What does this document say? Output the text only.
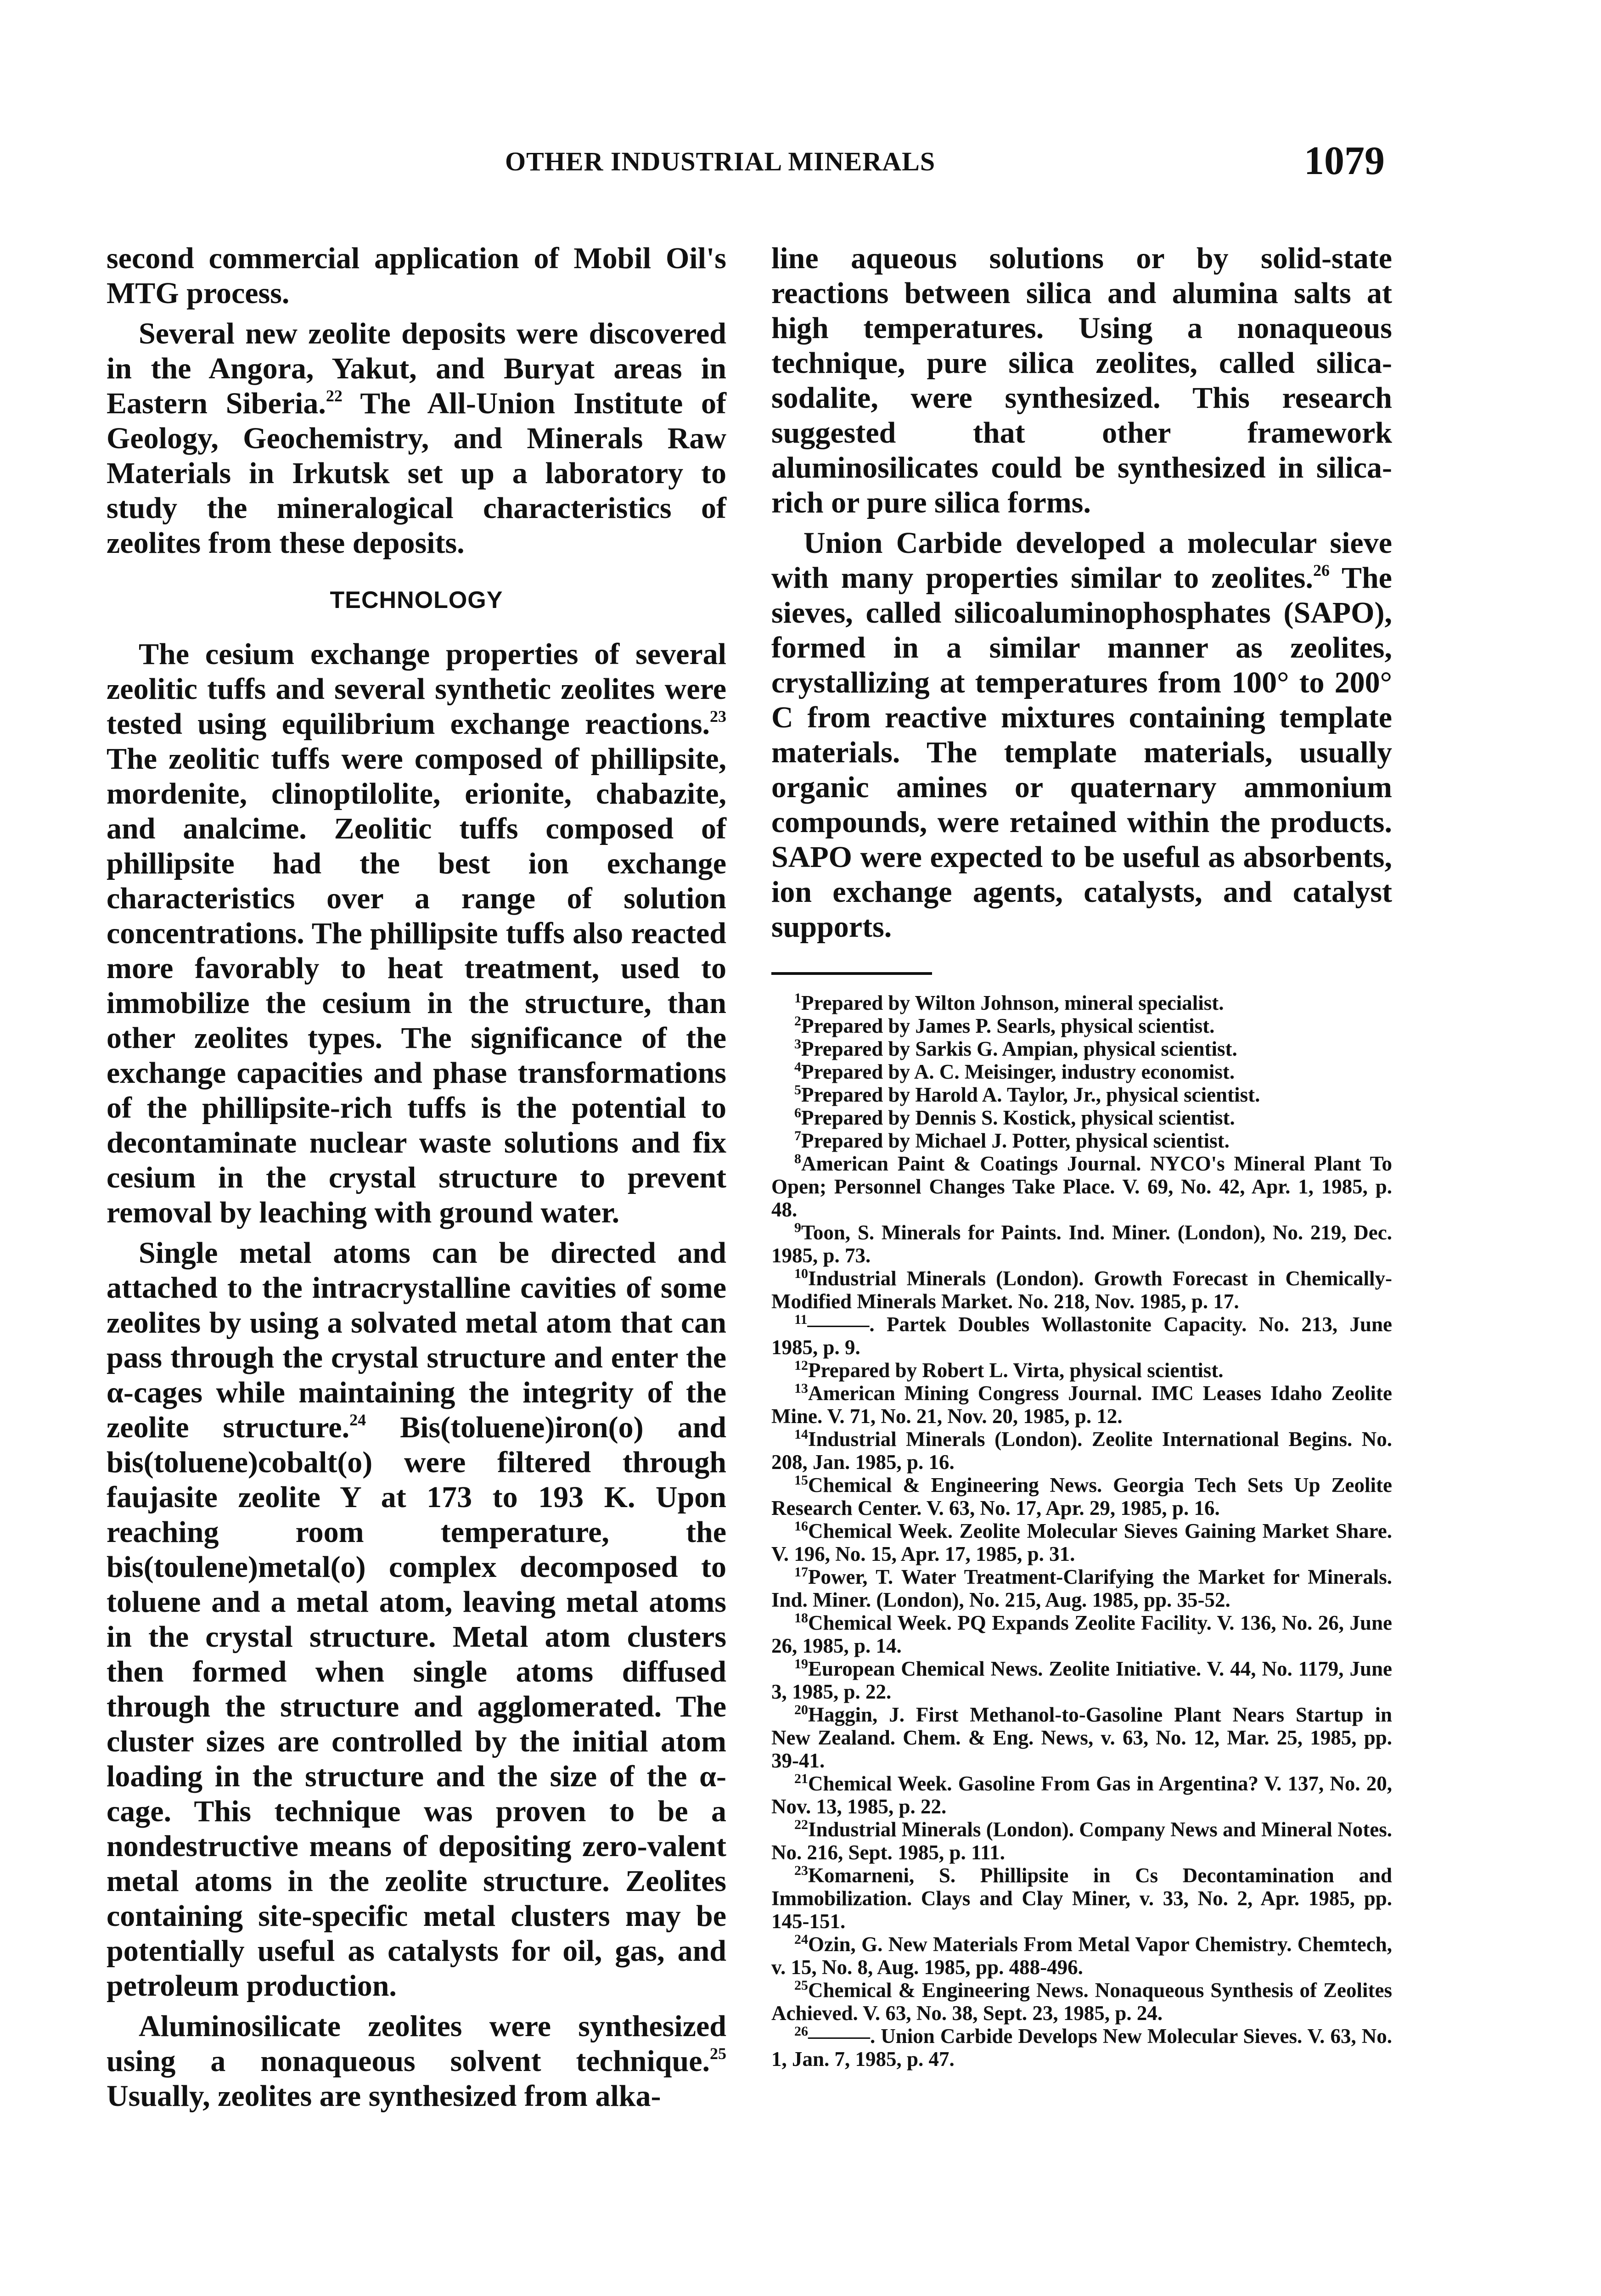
OTHER INDUSTRIAL MINERALS	1079

second commercial application of Mobil Oil's MTG process.

Several new zeolite deposits were discovered in the Angora, Yakut, and Buryat areas in Eastern Siberia.$^{22}$ The All-Union Institute of Geology, Geochemistry, and Minerals Raw Materials in Irkutsk set up a laboratory to study the mineralogical characteristics of zeolites from these deposits.

TECHNOLOGY

The cesium exchange properties of several zeolitic tuffs and several synthetic zeolites were tested using equilibrium exchange reactions.$^{23}$ The zeolitic tuffs were composed of phillipsite, mordenite, clinoptilolite, erionite, chabazite, and analcime. Zeolitic tuffs composed of phillipsite had the best ion exchange characteristics over a range of solution concentrations. The phillipsite tuffs also reacted more favorably to heat treatment, used to immobilize the cesium in the structure, than other zeolites types. The significance of the exchange capacities and phase transformations of the phillipsite-rich tuffs is the potential to decontaminate nuclear waste solutions and fix cesium in the crystal structure to prevent removal by leaching with ground water.

Single metal atoms can be directed and attached to the intracrystalline cavities of some zeolites by using a solvated metal atom that can pass through the crystal structure and enter the α-cages while maintaining the integrity of the zeolite structure.$^{24}$ Bis(toluene)iron(o) and bis(toluene)cobalt(o) were filtered through faujasite zeolite Y at 173 to 193 K. Upon reaching room temperature, the bis(toulene)metal(o) complex decomposed to toluene and a metal atom, leaving metal atoms in the crystal structure. Metal atom clusters then formed when single atoms diffused through the structure and agglomerated. The cluster sizes are controlled by the initial atom loading in the structure and the size of the α-cage. This technique was proven to be a nondestructive means of depositing zero-valent metal atoms in the zeolite structure. Zeolites containing site-specific metal clusters may be potentially useful as catalysts for oil, gas, and petroleum production.

Aluminosilicate zeolites were synthesized using a nonaqueous solvent technique.$^{25}$ Usually, zeolites are synthesized from alka-

line aqueous solutions or by solid-state reactions between silica and alumina salts at high temperatures. Using a nonaqueous technique, pure silica zeolites, called silica-sodalite, were synthesized. This research suggested that other framework aluminosilicates could be synthesized in silica-rich or pure silica forms.

Union Carbide developed a molecular sieve with many properties similar to zeolites.$^{26}$ The sieves, called silicoaluminophosphates (SAPO), formed in a similar manner as zeolites, crystallizing at temperatures from 100° to 200° C from reactive mixtures containing template materials. The template materials, usually organic amines or quaternary ammonium compounds, were retained within the products. SAPO were expected to be useful as absorbents, ion exchange agents, catalysts, and catalyst supports.

$^1$Prepared by Wilton Johnson, mineral specialist.

$^2$Prepared by James P. Searls, physical scientist.

$^3$Prepared by Sarkis G. Ampian, physical scientist.

$^4$Prepared by A. C. Meisinger, industry economist.

$^5$Prepared by Harold A. Taylor, Jr., physical scientist.

$^6$Prepared by Dennis S. Kostick, physical scientist.

$^7$Prepared by Michael J. Potter, physical scientist.

$^8$American Paint & Coatings Journal. NYCO's Mineral Plant To Open; Personnel Changes Take Place. V. 69, No. 42, Apr. 1, 1985, p. 48.

$^9$Toon, S. Minerals for Paints. Ind. Miner. (London), No. 219, Dec. 1985, p. 73.

$^{10}$Industrial Minerals (London). Growth Forecast in Chemically-Modified Minerals Market. No. 218, Nov. 1985, p. 17.

$^{11}$———. Partek Doubles Wollastonite Capacity. No. 213, June 1985, p. 9.

$^{12}$Prepared by Robert L. Virta, physical scientist.

$^{13}$American Mining Congress Journal. IMC Leases Idaho Zeolite Mine. V. 71, No. 21, Nov. 20, 1985, p. 12.

$^{14}$Industrial Minerals (London). Zeolite International Begins. No. 208, Jan. 1985, p. 16.

$^{15}$Chemical & Engineering News. Georgia Tech Sets Up Zeolite Research Center. V. 63, No. 17, Apr. 29, 1985, p. 16.

$^{16}$Chemical Week. Zeolite Molecular Sieves Gaining Market Share. V. 196, No. 15, Apr. 17, 1985, p. 31.

$^{17}$Power, T. Water Treatment-Clarifying the Market for Minerals. Ind. Miner. (London), No. 215, Aug. 1985, pp. 35-52.

$^{18}$Chemical Week. PQ Expands Zeolite Facility. V. 136, No. 26, June 26, 1985, p. 14.

$^{19}$European Chemical News. Zeolite Initiative. V. 44, No. 1179, June 3, 1985, p. 22.

$^{20}$Haggin, J. First Methanol-to-Gasoline Plant Nears Startup in New Zealand. Chem. & Eng. News, v. 63, No. 12, Mar. 25, 1985, pp. 39-41.

$^{21}$Chemical Week. Gasoline From Gas in Argentina? V. 137, No. 20, Nov. 13, 1985, p. 22.

$^{22}$Industrial Minerals (London). Company News and Mineral Notes. No. 216, Sept. 1985, p. 111.

$^{23}$Komarneni, S. Phillipsite in Cs Decontamination and Immobilization. Clays and Clay Miner, v. 33, No. 2, Apr. 1985, pp. 145-151.

$^{24}$Ozin, G. New Materials From Metal Vapor Chemistry. Chemtech, v. 15, No. 8, Aug. 1985, pp. 488-496.

$^{25}$Chemical & Engineering News. Nonaqueous Synthesis of Zeolites Achieved. V. 63, No. 38, Sept. 23, 1985, p. 24.

$^{26}$———. Union Carbide Develops New Molecular Sieves. V. 63, No. 1, Jan. 7, 1985, p. 47.
